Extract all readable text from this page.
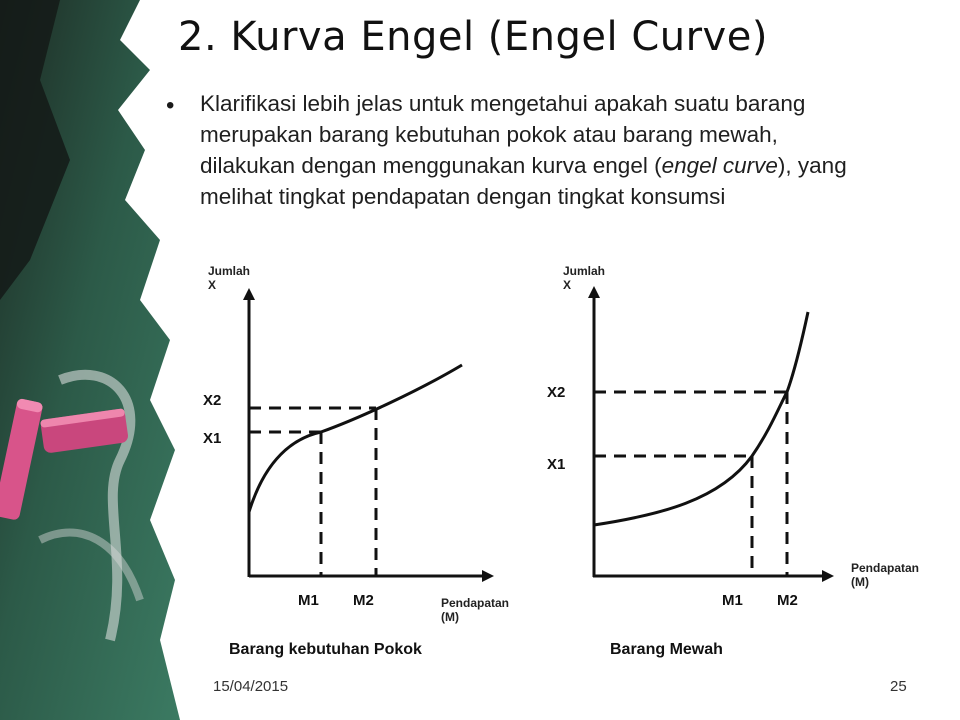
2. Kurva Engel (Engel Curve)
• Klarifikasi lebih jelas untuk mengetahui apakah suatu barang merupakan barang kebutuhan pokok atau barang mewah, dilakukan dengan menggunakan kurva engel (engel curve), yang melihat tingkat pendapatan dengan tingkat konsumsi
Jumlah
X
X2
X1
M1 M2	Pendapatan
(M)
Barang kebutuhan Pokok
Jumlah
X
X2
X1
M1 M2
Pendapatan
(M)
Barang Mewah
15/04/2015	25
